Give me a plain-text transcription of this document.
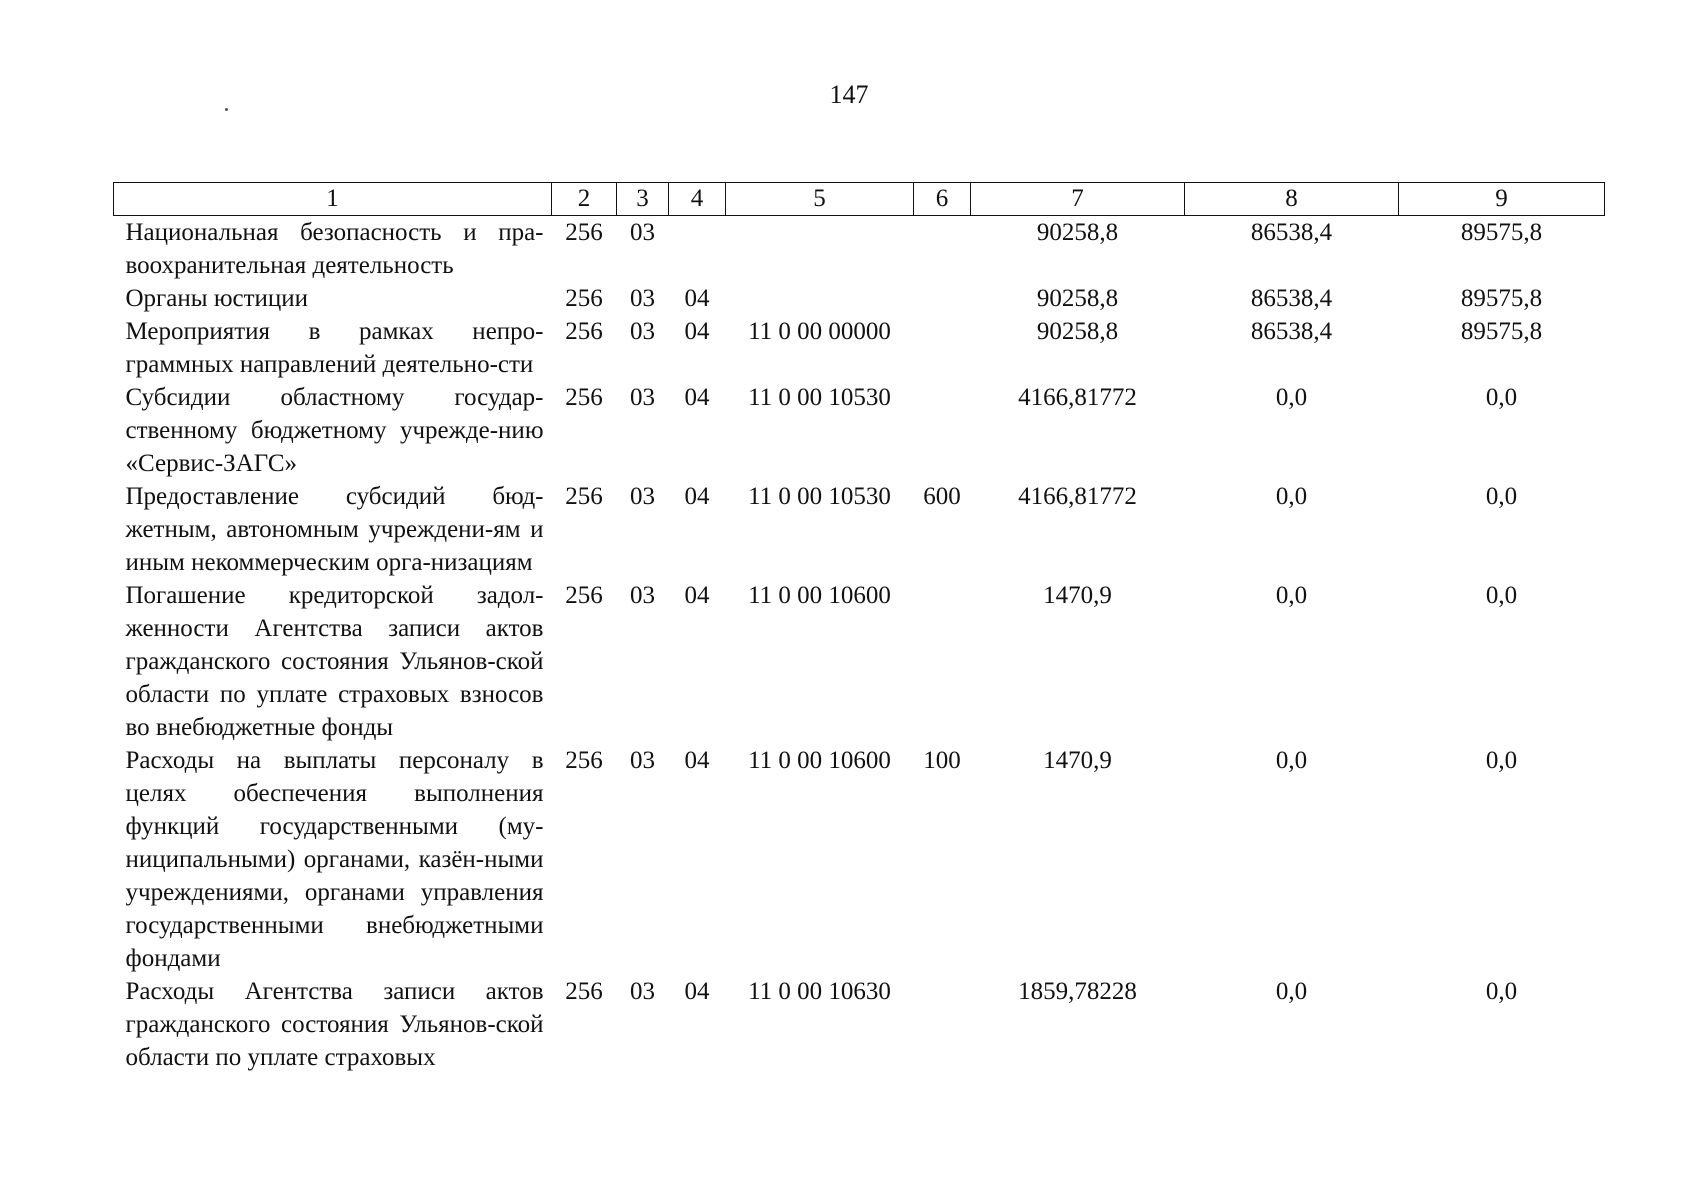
147
1	2	3	4	5	6	7	8	9
Национальная безопасность и пра-воохранительная деятельность	256	03				90258,8	86538,4	89575,8
Органы юстиции	256	03	04			90258,8	86538,4	89575,8
Мероприятия в рамках непро-граммных направлений деятельно-сти	256	03	04	11 0 00 00000		90258,8	86538,4	89575,8
Субсидии областному государ-ственному бюджетному учрежде-нию «Сервис-ЗАГС»	256	03	04	11 0 00 10530		4166,81772	0,0	0,0
Предоставление субсидий бюд-жетным, автономным учреждени-ям и иным некоммерческим орга-низациям	256	03	04	11 0 00 10530	600	4166,81772	0,0	0,0
Погашение кредиторской задол-женности Агентства записи актов гражданского состояния Ульянов-ской области по уплате страховых взносов во внебюджетные фонды	256	03	04	11 0 00 10600		1470,9	0,0	0,0
Расходы на выплаты персоналу в целях обеспечения выполнения функций государственными (му-ниципальными) органами, казён-ными учреждениями, органами управления государственными внебюджетными фондами	256	03	04	11 0 00 10600	100	1470,9	0,0	0,0
Расходы Агентства записи актов гражданского состояния Ульянов-ской области по уплате страховых	256	03	04	11 0 00 10630		1859,78228	0,0	0,0
